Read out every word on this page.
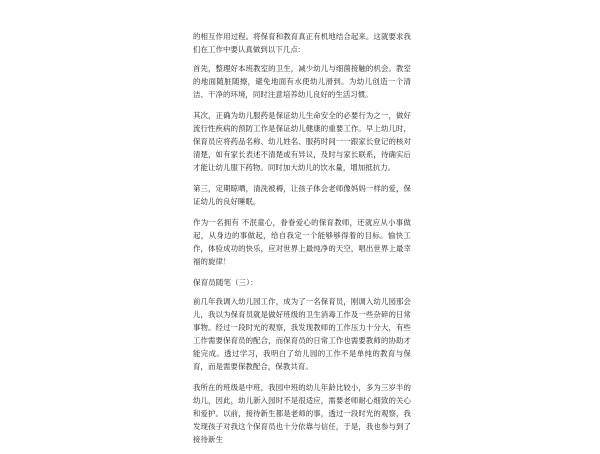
的相互作用过程。将保育和教育真正有机地结合起来。这就要求我们在工作中要认真做到以下几点:

首先，整理好本班教室的卫生，减少幼儿与细菌接触的机会。教室的地面随脏随擦，避免地面有水使幼儿滑到。为幼儿创造一个清洁、干净的环境，同时注意培养幼儿良好的生活习惯。

其次，正确为幼儿服药是保证幼儿生命安全的必要行为之一，做好流行性疾病的预防工作是保证幼儿健康的重要工作。早上幼儿时，保育员应将药品名称、幼儿姓名、服药时间一一跟家长登记的核对清楚，如有家长表述不清楚或有异议，及时与家长联系，待确实后才能让幼儿服下药物。同时加大幼儿的饮水量，增加抵抗力。

第三，定期晾晒，清洗被褥，让孩子体会老师像妈妈一样的爱，保证幼儿的良好睡眠。

作为一名拥有 不泯童心，眷眷爱心的保育教师，还就应从小事做起，从身边的事做起，给自我定一个能够够得着的目标。愉快工作，体验成功的快乐，应对世界上最纯净的天空，唱出世界上最幸福的旋律！

保育员随笔（三）：

前几年我调入幼儿园工作，成为了一名保育员，刚调入幼儿园那会儿，我以为保育员就是做好班级的卫生消毒工作及一些杂碎的日常事物。经过一段时光的观察，我发现教师的工作压力十分大，有些工作需要保育员的配合，而保育员的日常工作也需要教师的协助才能完成。透过学习，我明白了幼儿园的工作不是单纯的教育与保育，而是需要保教配合，保教共育。

我所在的班级是中班，我园中班的幼儿年龄比较小，多为三岁半的幼儿，因此，幼儿新入园时不是很适应，需要老师耐心细致的关心和爱护。以前，接待新生都是老师的事，透过一段时光的观察，我发现孩子对我这个保育员也十分依靠与信任，于是，我也参与到了接待新生
